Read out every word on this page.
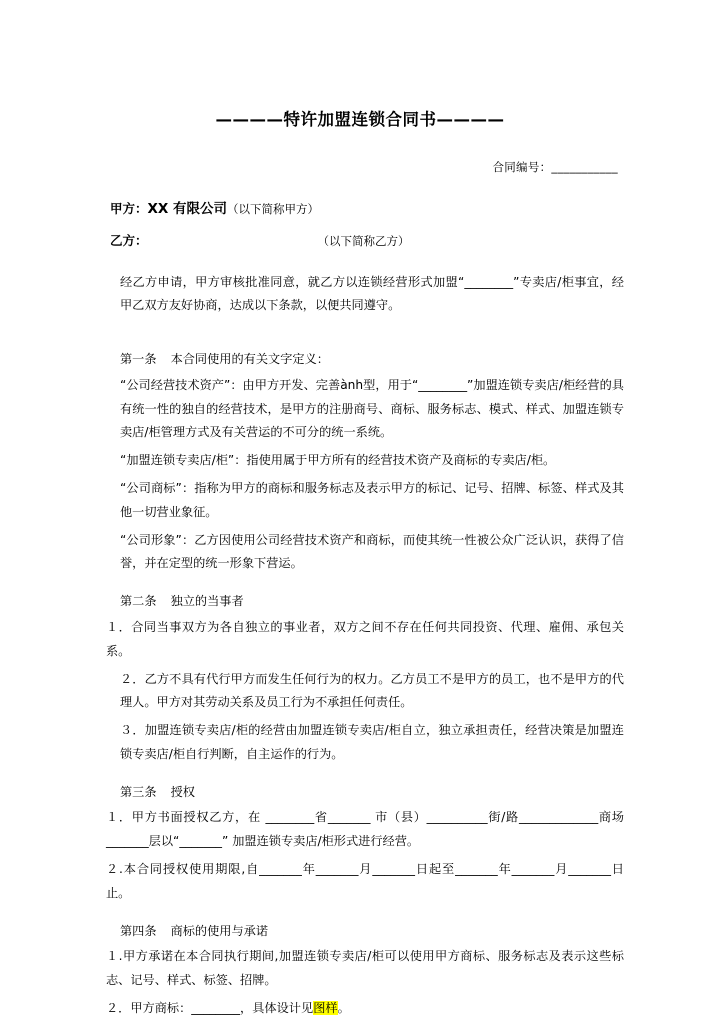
————特许加盟连锁合同书————
合同编号：___________
甲方：XX 有限公司（以下简称甲方）
乙方：	（以下简称乙方）

经乙方申请，甲方审核批准同意，就乙方以连锁经营形式加盟“________”专卖店/柜事宜，经甲乙双方友好协商，达成以下条款，以便共同遵守。

第一条 本合同使用的有关文字定义：

“公司经营技术资产”：由甲方开发、完善ành型，用于“________”加盟连锁专卖店/柜经营的具有统一性的独自的经营技术，是甲方的注册商号、商标、服务标志、模式、样式、加盟连锁专卖店/柜管理方式及有关营运的不可分的统一系统。

“加盟连锁专卖店/柜”：指使用属于甲方所有的经营技术资产及商标的专卖店/柜。

“公司商标”：指称为甲方的商标和服务标志及表示甲方的标记、记号、招牌、标签、样式及其他一切营业象征。

“公司形象”：乙方因使用公司经营技术资产和商标，而使其统一性被公众广泛认识，获得了信誉，并在定型的统一形象下营运。

第二条 独立的当事者

１．合同当事双方为各自独立的事业者，双方之间不存在任何共同投资、代理、雇佣、承包关系。

２．乙方不具有代行甲方而发生任何行为的权力。乙方员工不是甲方的员工，也不是甲方的代理人。甲方对其劳动关系及员工行为不承担任何责任。

３．加盟连锁专卖店/柜的经营由加盟连锁专卖店/柜自立，独立承担责任，经营决策是加盟连锁专卖店/柜自行判断，自主运作的行为。

第三条 授权

１．甲方书面授权乙方，在 ________省_______ 市（县）__________街/路_____________商场_______层以“_______” 加盟连锁专卖店/柜形式进行经营。

２.本合同授权使用期限,自_______年_______月_______日起至_______年_______月_______日止。

第四条 商标的使用与承诺

１.甲方承诺在本合同执行期间,加盟连锁专卖店/柜可以使用甲方商标、服务标志及表示这些标志、记号、样式、标签、招牌。

２．甲方商标：________，具体设计见图样。
